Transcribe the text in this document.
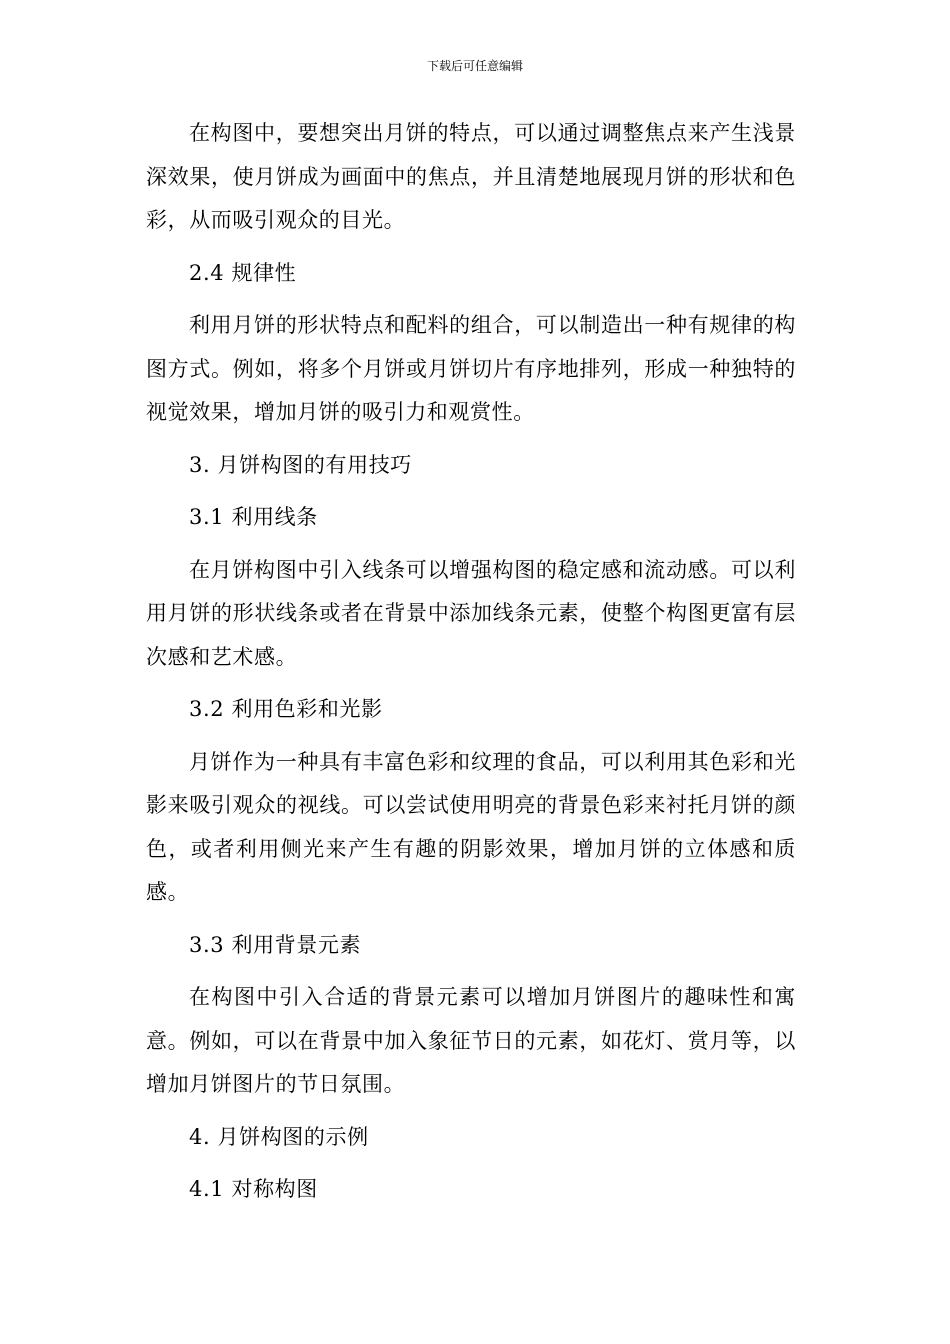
下载后可任意编辑

在构图中，要想突出月饼的特点，可以通过调整焦点来产生浅景深效果，使月饼成为画面中的焦点，并且清楚地展现月饼的形状和色彩，从而吸引观众的目光。

2.4 规律性

利用月饼的形状特点和配料的组合，可以制造出一种有规律的构图方式。例如，将多个月饼或月饼切片有序地排列，形成一种独特的视觉效果，增加月饼的吸引力和观赏性。

3. 月饼构图的有用技巧

3.1 利用线条

在月饼构图中引入线条可以增强构图的稳定感和流动感。可以利用月饼的形状线条或者在背景中添加线条元素，使整个构图更富有层次感和艺术感。

3.2 利用色彩和光影

月饼作为一种具有丰富色彩和纹理的食品，可以利用其色彩和光影来吸引观众的视线。可以尝试使用明亮的背景色彩来衬托月饼的颜色，或者利用侧光来产生有趣的阴影效果，增加月饼的立体感和质感。

3.3 利用背景元素

在构图中引入合适的背景元素可以增加月饼图片的趣味性和寓意。例如，可以在背景中加入象征节日的元素，如花灯、赏月等，以增加月饼图片的节日氛围。

4. 月饼构图的示例

4.1 对称构图
